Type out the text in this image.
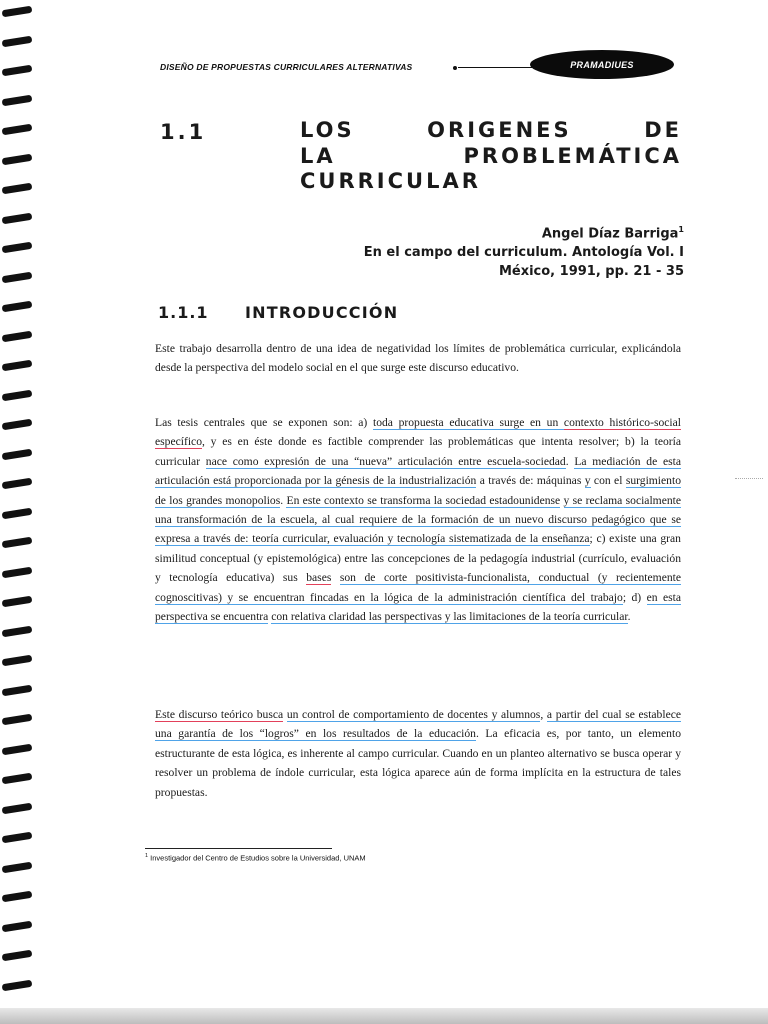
DISEÑO DE PROPUESTAS CURRICULARES ALTERNATIVAS	PRAMADIUES
1.1	LOS ORIGENES DE
LA PROBLEMÁTICA
CURRICULAR
Angel Díaz Barriga$^1$
En el campo del curriculum. Antología Vol. I
México, 1991, pp. 21 - 35
1.1.1 INTRODUCCIÓN
Este trabajo desarrolla dentro de una idea de negatividad los límites de problemática curricular, explicándola desde la perspectiva del modelo social en el que surge este discurso educativo.
Las tesis centrales que se exponen son: a) toda propuesta educativa surge en un contexto histórico-social específico, y es en éste donde es factible comprender las problemáticas que intenta resolver; b) la teoría curricular nace como expresión de una “nueva” articulación entre escuela-sociedad. La mediación de esta articulación está proporcionada por la génesis de la industrialización a través de: máquinas y con el surgimiento de los grandes monopolios. En este contexto se transforma la sociedad estadounidense y se reclama socialmente una transformación de la escuela, al cual requiere de la formación de un nuevo discurso pedagógico que se expresa a través de: teoría curricular, evaluación y tecnología sistematizada de la enseñanza; c) existe una gran similitud conceptual (y epistemológica) entre las concepciones de la pedagogía industrial (currículo, evaluación y tecnología educativa) sus bases son de corte positivista-funcionalista, conductual (y recientemente cognoscitivas) y se encuentran fincadas en la lógica de la administración científica del trabajo; d) en esta perspectiva se encuentra con relativa claridad las perspectivas y las limitaciones de la teoría curricular.
Este discurso teórico busca un control de comportamiento de docentes y alumnos, a partir del cual se establece una garantía de los “logros” en los resultados de la educación. La eficacia es, por tanto, un elemento estructurante de esta lógica, es inherente al campo curricular. Cuando en un planteo alternativo se busca operar y resolver un problema de índole curricular, esta lógica aparece aún de forma implícita en la estructura de tales propuestas.
$^1$ Investigador del Centro de Estudios sobre la Universidad, UNAM
